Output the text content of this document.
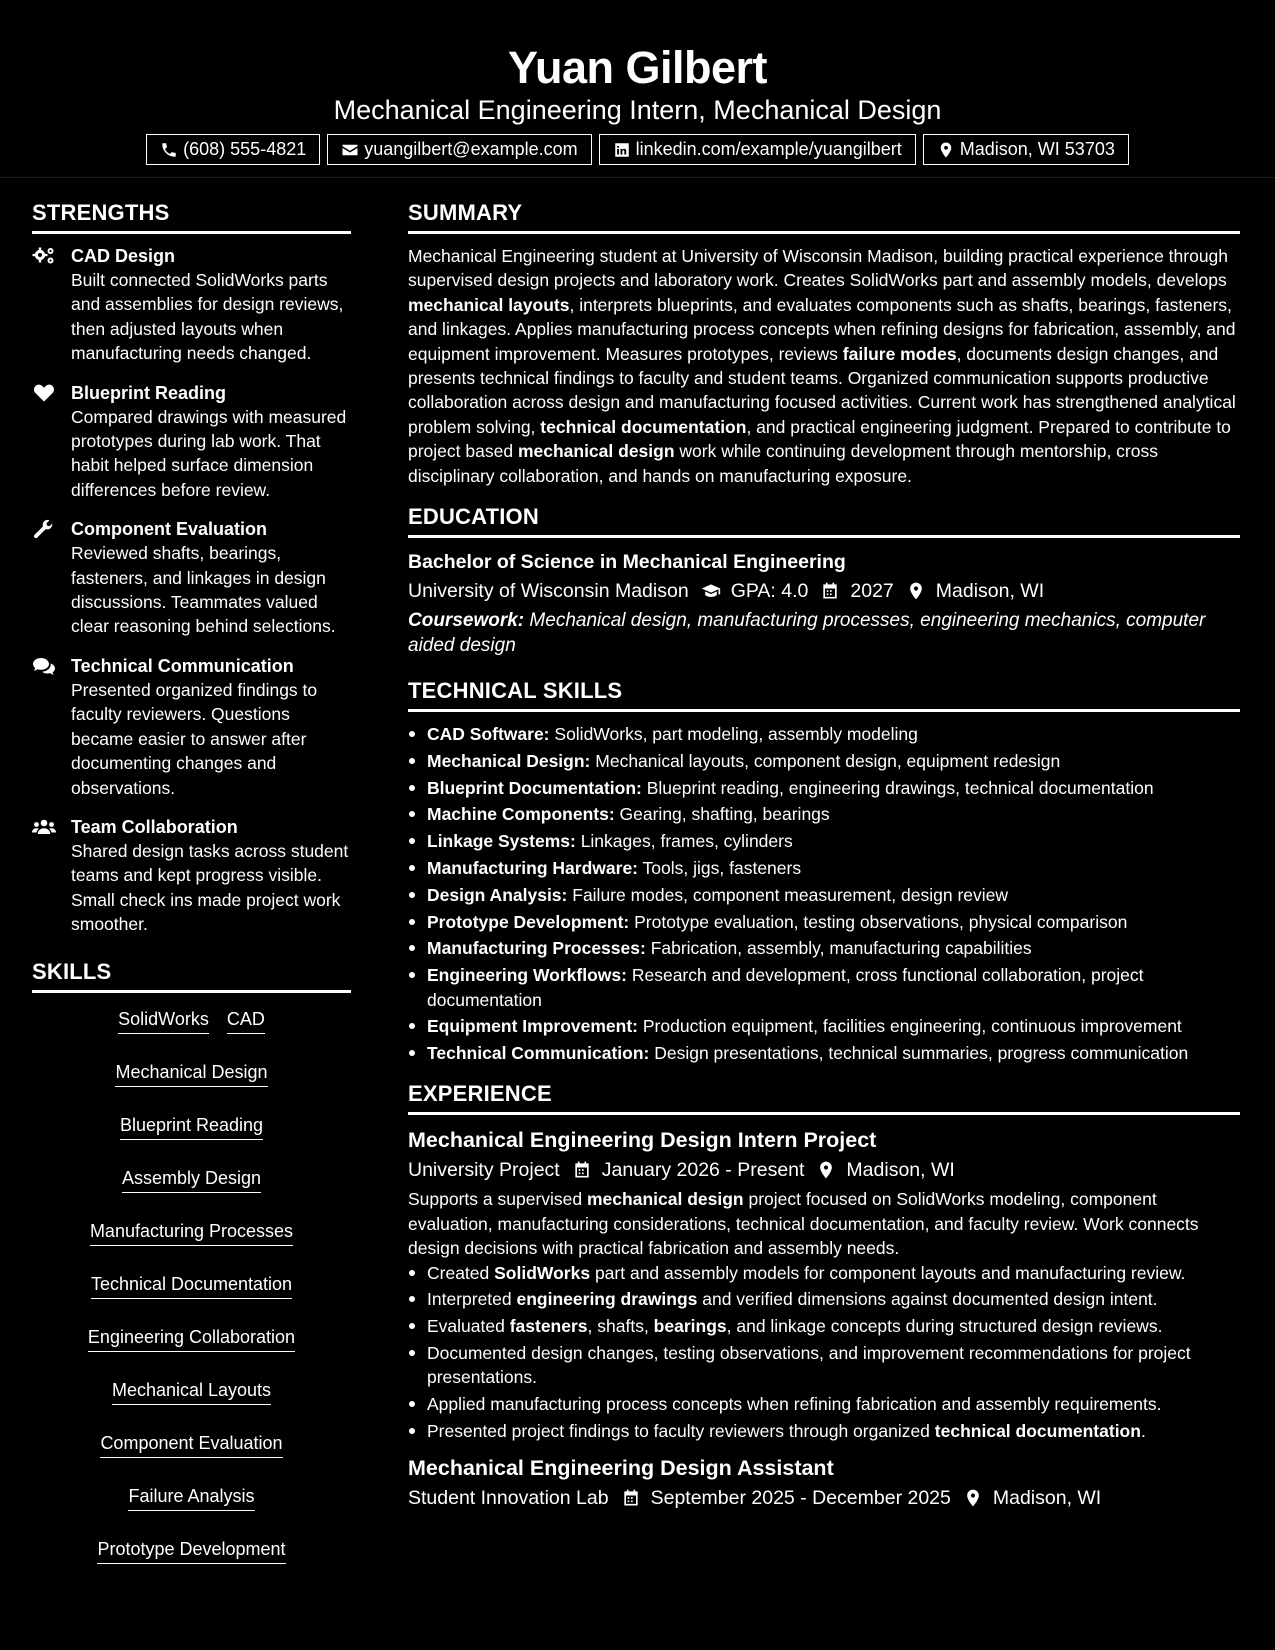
Yuan Gilbert
Mechanical Engineering Intern, Mechanical Design
(608) 555-4821	yuangilbert@example.com	linkedin.com/example/yuangilbert	Madison, WI 53703
STRENGTHS
CAD Design
Built connected SolidWorks parts and assemblies for design reviews, then adjusted layouts when manufacturing needs changed.
Blueprint Reading
Compared drawings with measured prototypes during lab work. That habit helped surface dimension differences before review.
Component Evaluation
Reviewed shafts, bearings, fasteners, and linkages in design discussions. Teammates valued clear reasoning behind selections.
Technical Communication
Presented organized findings to faculty reviewers. Questions became easier to answer after documenting changes and observations.
Team Collaboration
Shared design tasks across student teams and kept progress visible. Small check ins made project work smoother.
SKILLS
SolidWorks CAD
Mechanical Design
Blueprint Reading
Assembly Design
Manufacturing Processes
Technical Documentation
Engineering Collaboration
Mechanical Layouts
Component Evaluation
Failure Analysis
Prototype Development
SUMMARY
Mechanical Engineering student at University of Wisconsin Madison, building practical experience through supervised design projects and laboratory work. Creates SolidWorks part and assembly models, develops mechanical layouts, interprets blueprints, and evaluates components such as shafts, bearings, fasteners, and linkages. Applies manufacturing process concepts when refining designs for fabrication, assembly, and equipment improvement. Measures prototypes, reviews failure modes, documents design changes, and presents technical findings to faculty and student teams. Organized communication supports productive collaboration across design and manufacturing focused activities. Current work has strengthened analytical problem solving, technical documentation, and practical engineering judgment. Prepared to contribute to project based mechanical design work while continuing development through mentorship, cross disciplinary collaboration, and hands on manufacturing exposure.
EDUCATION
Bachelor of Science in Mechanical Engineering
University of Wisconsin Madison GPA: 4.0 2027 Madison, WI
Coursework: Mechanical design, manufacturing processes, engineering mechanics, computer aided design
TECHNICAL SKILLS
CAD Software: SolidWorks, part modeling, assembly modeling
Mechanical Design: Mechanical layouts, component design, equipment redesign
Blueprint Documentation: Blueprint reading, engineering drawings, technical documentation
Machine Components: Gearing, shafting, bearings
Linkage Systems: Linkages, frames, cylinders
Manufacturing Hardware: Tools, jigs, fasteners
Design Analysis: Failure modes, component measurement, design review
Prototype Development: Prototype evaluation, testing observations, physical comparison
Manufacturing Processes: Fabrication, assembly, manufacturing capabilities
Engineering Workflows: Research and development, cross functional collaboration, project documentation
Equipment Improvement: Production equipment, facilities engineering, continuous improvement
Technical Communication: Design presentations, technical summaries, progress communication
EXPERIENCE
Mechanical Engineering Design Intern Project
University Project January 2026 - Present Madison, WI
Supports a supervised mechanical design project focused on SolidWorks modeling, component evaluation, manufacturing considerations, technical documentation, and faculty review. Work connects design decisions with practical fabrication and assembly needs.
Created SolidWorks part and assembly models for component layouts and manufacturing review.
Interpreted engineering drawings and verified dimensions against documented design intent.
Evaluated fasteners, shafts, bearings, and linkage concepts during structured design reviews.
Documented design changes, testing observations, and improvement recommendations for project presentations.
Applied manufacturing process concepts when refining fabrication and assembly requirements.
Presented project findings to faculty reviewers through organized technical documentation.
Mechanical Engineering Design Assistant
Student Innovation Lab September 2025 - December 2025 Madison, WI
